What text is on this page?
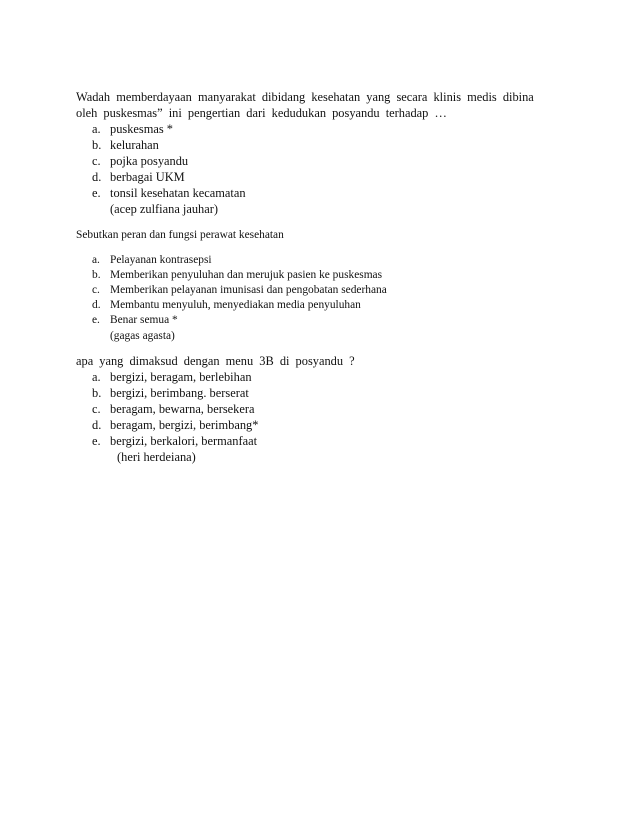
Wadah memberdayaan manyarakat dibidang kesehatan yang secara klinis medis dibina oleh puskesmas” ini pengertian dari kedudukan posyandu terhadap …

a. puskesmas *
b. kelurahan
c. pojka posyandu
d. berbagai UKM
e. tonsil kesehatan kecamatan
(acep zulfiana jauhar)

Sebutkan peran dan fungsi perawat kesehatan

a. Pelayanan kontrasepsi
b. Memberikan penyuluhan dan merujuk pasien ke puskesmas
c. Memberikan pelayanan imunisasi dan pengobatan sederhana
d. Membantu menyuluh, menyediakan media penyuluhan
e. Benar semua *
(gagas agasta)

apa yang dimaksud dengan menu 3B di posyandu ?

a. bergizi, beragam, berlebihan
b. bergizi, berimbang. berserat
c. beragam, bewarna, bersekera
d. beragam, bergizi, berimbang*
e. bergizi, berkalori, bermanfaat
(heri herdeiana)
